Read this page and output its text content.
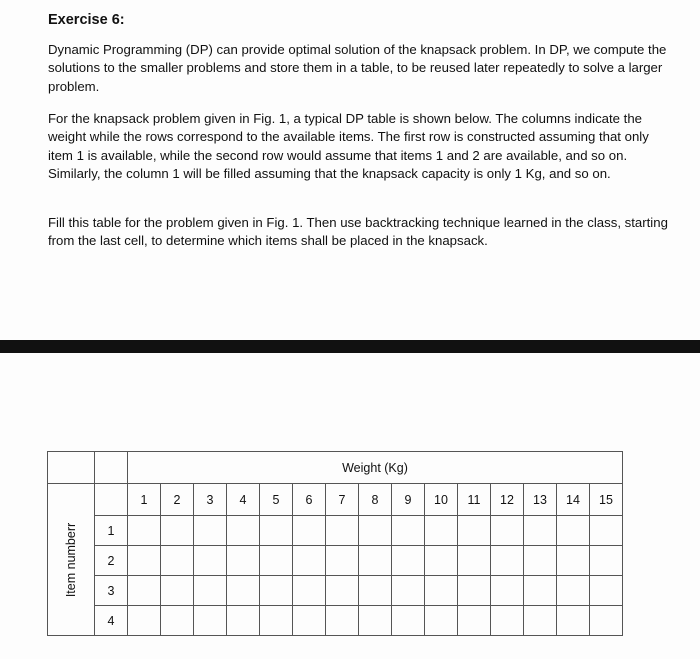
Exercise 6:

Dynamic Programming (DP) can provide optimal solution of the knapsack problem. In DP, we compute the solutions to the smaller problems and store them in a table, to be reused later repeatedly to solve a larger problem.

For the knapsack problem given in Fig. 1, a typical DP table is shown below. The columns indicate the weight while the rows correspond to the available items. The first row is constructed assuming that only item 1 is available, while the second row would assume that items 1 and 2 are available, and so on. Similarly, the column 1 will be filled assuming that the knapsack capacity is only 1 Kg, and so on.

Fill this table for the problem given in Fig. 1. Then use backtracking technique learned in the class, starting from the last cell, to determine which items shall be placed in the knapsack.

		Weight (Kg)														

Item numberr		1	2	3	4	5	6	7	8	9	10	11	12	13	14	15
	1															
	2															
	3															
	4															
